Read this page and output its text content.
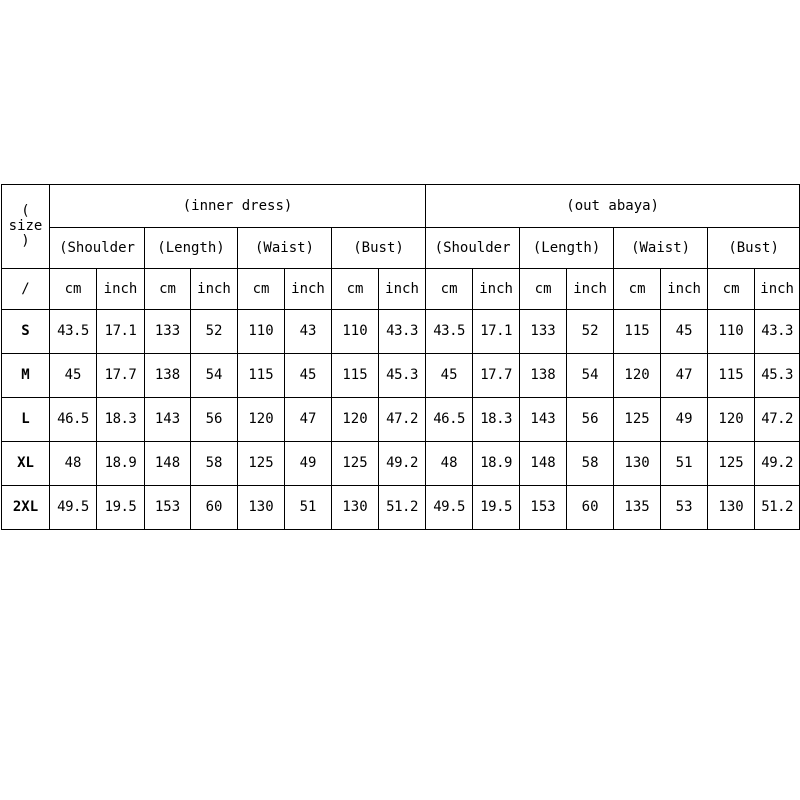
(
size
)	(inner dress)								(out abaya)							
	(Shoulder		(Length)		(Waist)		(Bust)		(Shoulder		(Length)		(Waist)		(Bust)	
/	cm	inch	cm	inch	cm	inch	cm	inch	cm	inch	cm	inch	cm	inch	cm	inch
S	43.5	17.1	133	52	110	43	110	43.3	43.5	17.1	133	52	115	45	110	43.3
M	45	17.7	138	54	115	45	115	45.3	45	17.7	138	54	120	47	115	45.3
L	46.5	18.3	143	56	120	47	120	47.2	46.5	18.3	143	56	125	49	120	47.2
XL	48	18.9	148	58	125	49	125	49.2	48	18.9	148	58	130	51	125	49.2
2XL	49.5	19.5	153	60	130	51	130	51.2	49.5	19.5	153	60	135	53	130	51.2
